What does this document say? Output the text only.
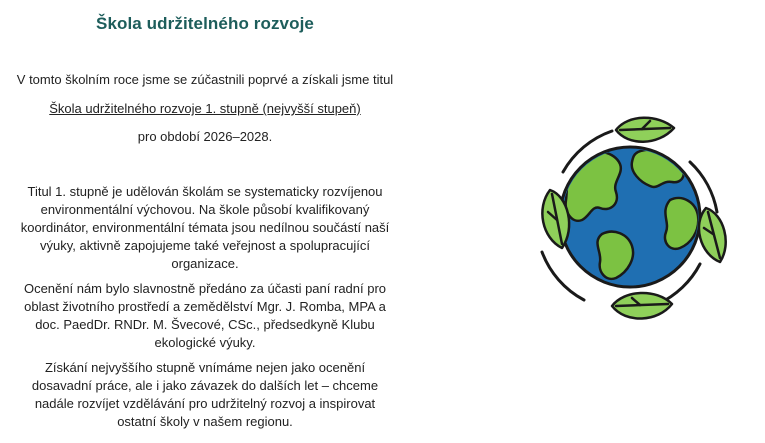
Škola udržitelného rozvoje

V tomto školním roce jsme se zúčastnili poprvé a získali jsme titul

Škola udržitelného rozvoje 1. stupně (nejvyšší stupeň)

pro období 2026–2028.

Titul 1. stupně je udělován školám se systematicky rozvíjenou
environmentální výchovou. Na škole působí kvalifikovaný
koordinátor, environmentální témata jsou nedílnou součástí naší
výuky, aktivně zapojujeme také veřejnost a spolupracující
organizace.
Ocenění nám bylo slavnostně předáno za účasti paní radní pro
oblast životního prostředí a zemědělství Mgr. J. Romba, MPA a
doc. PaedDr. RNDr. M. Švecové, CSc., předsedkyně Klubu
ekologické výuky.
Získání nejvyššího stupně vnímáme nejen jako ocenění
dosavadní práce, ale i jako závazek do dalších let – chceme
nadále rozvíjet vzdělávání pro udržitelný rozvoj a inspirovat
ostatní školy v našem regionu.
